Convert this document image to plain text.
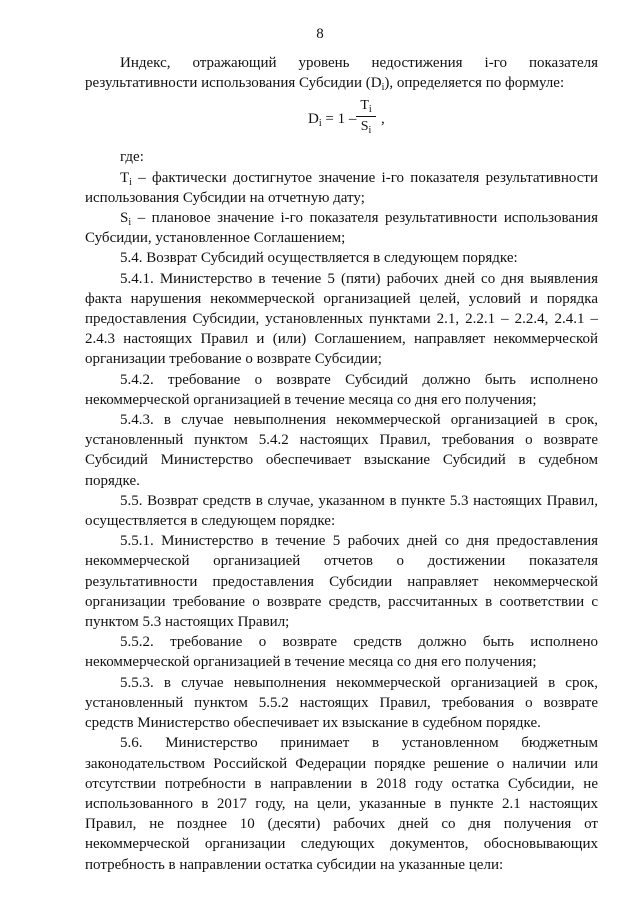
8

Индекс, отражающий уровень недостижения i-го показателя результативности использования Субсидии $(D_i)$, определяется по формуле:

$D_i = 1$ –
$T_i$
$S_i$
,

где:

$T_i$ – фактически достигнутое значение i-го показателя результативности использования Субсидии на отчетную дату;

$S_i$ – плановое значение i-го показателя результативности использования Субсидии, установленное Соглашением;

5.4. Возврат Субсидий осуществляется в следующем порядке:

5.4.1. Министерство в течение 5 (пяти) рабочих дней со дня выявления факта нарушения некоммерческой организацией целей, условий и порядка предоставления Субсидии, установленных пунктами 2.1, 2.2.1 – 2.2.4, 2.4.1 – 2.4.3 настоящих Правил и (или) Соглашением, направляет некоммерческой организации требование о возврате Субсидии;

5.4.2. требование о возврате Субсидий должно быть исполнено некоммерческой организацией в течение месяца со дня его получения;

5.4.3. в случае невыполнения некоммерческой организацией в срок, установленный пунктом 5.4.2 настоящих Правил, требования о возврате Субсидий Министерство обеспечивает взыскание Субсидий в судебном порядке.

5.5. Возврат средств в случае, указанном в пункте 5.3 настоящих Правил, осуществляется в следующем порядке:

5.5.1. Министерство в течение 5 рабочих дней со дня предоставления некоммерческой организацией отчетов о достижении показателя результативности предоставления Субсидии направляет некоммерческой организации требование о возврате средств, рассчитанных в соответствии с пунктом 5.3 настоящих Правил;

5.5.2. требование о возврате средств должно быть исполнено некоммерческой организацией в течение месяца со дня его получения;

5.5.3. в случае невыполнения некоммерческой организацией в срок, установленный пунктом 5.5.2 настоящих Правил, требования о возврате средств Министерство обеспечивает их взыскание в судебном порядке.

5.6. Министерство принимает в установленном бюджетным законодательством Российской Федерации порядке решение о наличии или отсутствии потребности в направлении в 2018 году остатка Субсидии, не использованного в 2017 году, на цели, указанные в пункте 2.1 настоящих Правил, не позднее 10 (десяти) рабочих дней со дня получения от некоммерческой организации следующих документов, обосновывающих потребность в направлении остатка субсидии на указанные цели:
